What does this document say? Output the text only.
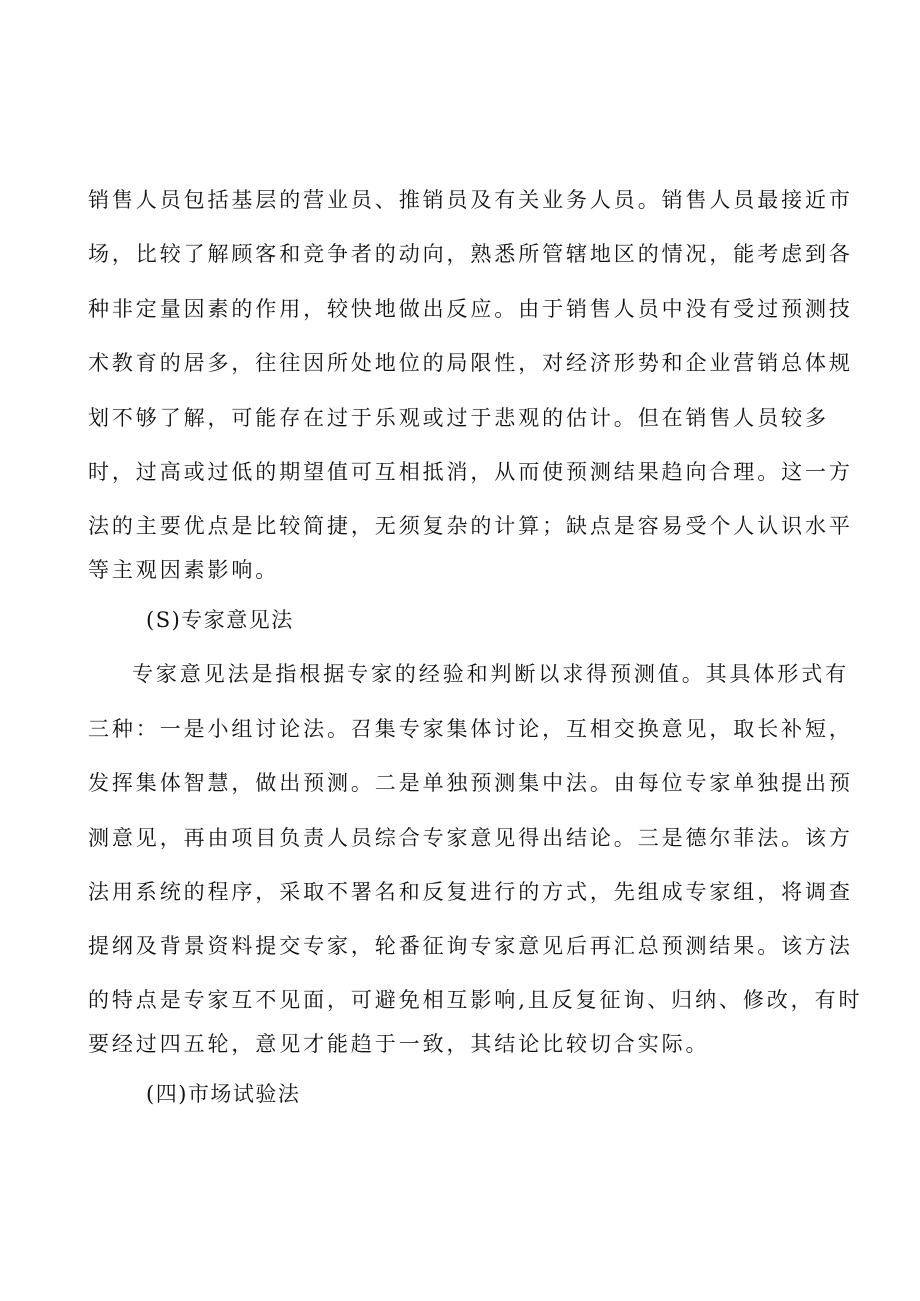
销售人员包括基层的营业员、推销员及有关业务人员。销售人员最接近市
场，比较了解顾客和竞争者的动向，熟悉所管辖地区的情况，能考虑到各
种非定量因素的作用，较快地做出反应。由于销售人员中没有受过预测技
术教育的居多，往往因所处地位的局限性，对经济形势和企业营销总体规
划不够了解，可能存在过于乐观或过于悲观的估计。但在销售人员较多
时，过高或过低的期望值可互相抵消，从而使预测结果趋向合理。这一方
法的主要优点是比较简捷，无须复杂的计算；缺点是容易受个人认识水平
等主观因素影响。
(S)专家意见法
专家意见法是指根据专家的经验和判断以求得预测值。其具体形式有
三种：一是小组讨论法。召集专家集体讨论，互相交换意见，取长补短，
发挥集体智慧，做出预测。二是单独预测集中法。由每位专家单独提出预
测意见，再由项目负责人员综合专家意见得出结论。三是德尔菲法。该方
法用系统的程序，采取不署名和反复进行的方式，先组成专家组，将调查
提纲及背景资料提交专家，轮番征询专家意见后再汇总预测结果。该方法
的特点是专家互不见面，可避免相互影响,且反复征询、归纳、修改，有时
要经过四五轮，意见才能趋于一致，其结论比较切合实际。
(四)市场试验法
